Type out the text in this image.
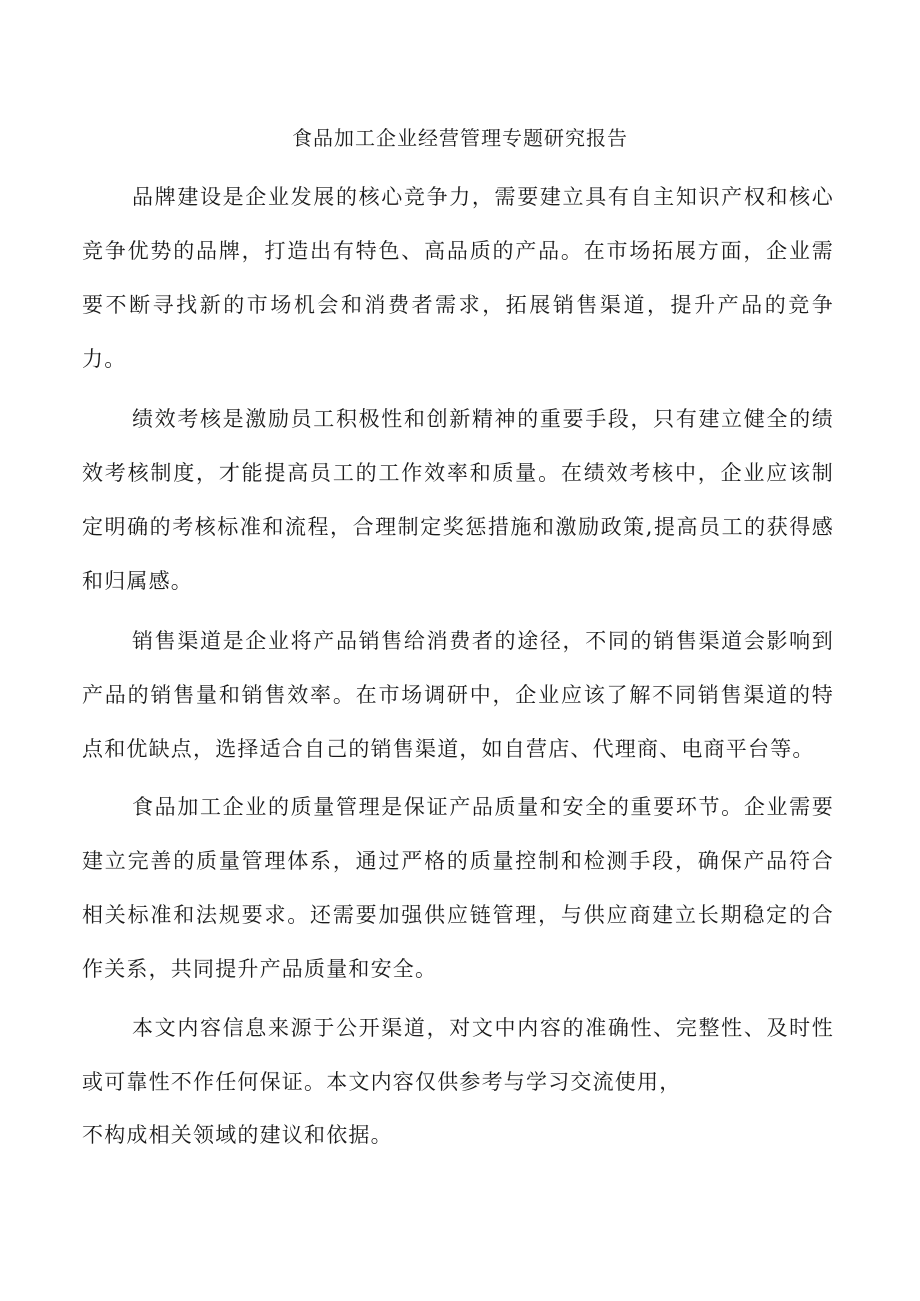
食品加工企业经营管理专题研究报告

品牌建设是企业发展的核心竞争力，需要建立具有自主知识产权和核心竞争优势的品牌，打造出有特色、高品质的产品。在市场拓展方面，企业需要不断寻找新的市场机会和消费者需求，拓展销售渠道，提升产品的竞争力。

绩效考核是激励员工积极性和创新精神的重要手段，只有建立健全的绩效考核制度，才能提高员工的工作效率和质量。在绩效考核中，企业应该制定明确的考核标准和流程，合理制定奖惩措施和激励政策,提高员工的获得感和归属感。

销售渠道是企业将产品销售给消费者的途径，不同的销售渠道会影响到产品的销售量和销售效率。在市场调研中，企业应该了解不同销售渠道的特点和优缺点，选择适合自己的销售渠道，如自营店、代理商、电商平台等。

食品加工企业的质量管理是保证产品质量和安全的重要环节。企业需要建立完善的质量管理体系，通过严格的质量控制和检测手段，确保产品符合相关标准和法规要求。还需要加强供应链管理，与供应商建立长期稳定的合作关系，共同提升产品质量和安全。

本文内容信息来源于公开渠道，对文中内容的准确性、完整性、及时性或可靠性不作任何保证。本文内容仅供参考与学习交流使用，

不构成相关领域的建议和依据。
